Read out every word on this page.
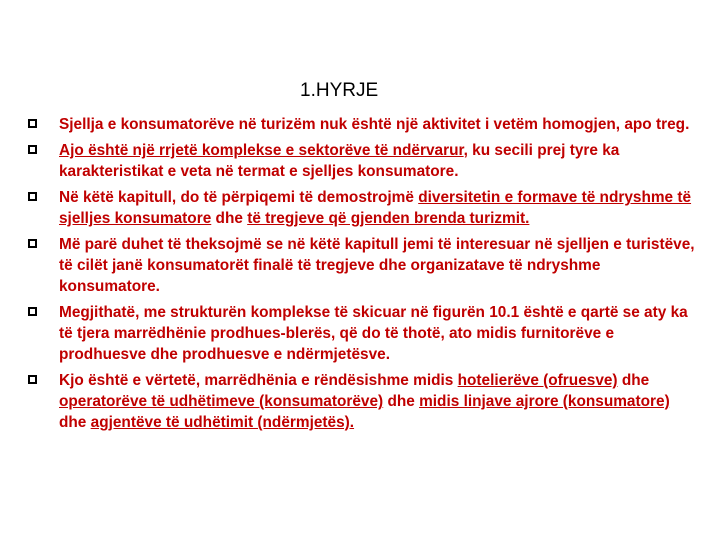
1.HYRJE
Sjellja e konsumatorëve në turizëm nuk është një aktivitet i vetëm homogjen, apo treg.
Ajo është një rrjetë komplekse e sektorëve të ndërvarur, ku secili prej tyre ka karakteristikat e veta në termat e sjelljes konsumatore.
Në këtë kapitull, do të përpiqemi të demostrojmë diversitetin e formave të ndryshme të sjelljes konsumatore dhe të tregjeve që gjenden brenda turizmit.
Më parë duhet të theksojmë se në këtë kapitull jemi të interesuar në sjelljen e turistëve, të cilët janë konsumatorët finalë të tregjeve dhe organizatave të ndryshme konsumatore.
Megjithatë, me strukturën komplekse të skicuar në figurën 10.1 është e qartë se aty ka të tjera marrëdhënie prodhues-blerës, që do të thotë, ato midis furnitorëve e prodhuesve dhe prodhuesve e ndërmjetësve.
Kjo është e vërtetë, marrëdhënia e rëndësishme midis hotelierëve (ofruesve) dhe operatorëve të udhëtimeve (konsumatorëve) dhe midis linjave ajrore (konsumatore) dhe agjentëve të udhëtimit (ndërmjetës).
